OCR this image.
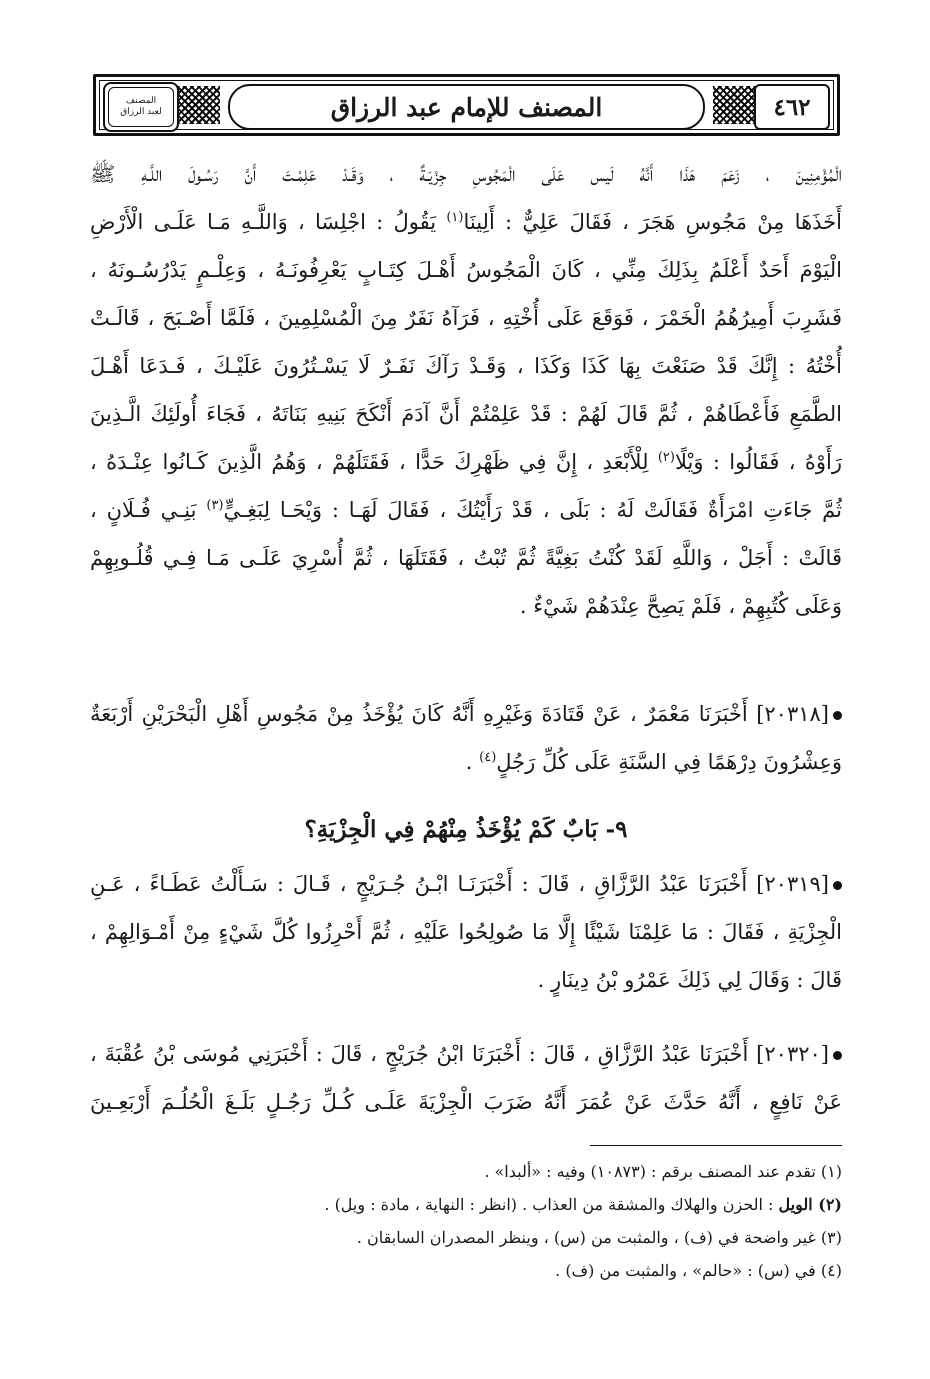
المصنف للإمام عبد الرزاق	٤٦٢
المصنف
لعبد الرزاق
الْمُؤْمِنِينَ ، زَعَمَ هَذَا أَنَّهُ لَيس عَلَى الْمَجُوسِ جِزْيَـةٌ ، وَقَـدْ عَلِمْـتَ أَنَّ رَسُـولَ اللَّـهِ ﷺ
أَخَذَهَا مِنْ مَجُوسِ هَجَرَ ، فَقَالَ عَلِيٌّ : أَلِينَا$^{(١)}$ يَقُولُ : اجْلِسَا ، وَاللَّـهِ مَـا عَلَـى الْأَرْضِ
الْيَوْمَ أَحَدٌ أَعْلَمُ بِذَلِكَ مِنِّي ، كَانَ الْمَجُوسُ أَهْـلَ كِتَـابٍ يَعْرِفُونَـهُ ، وَعِلْـمٍ يَدْرُسُـونَهُ ،
فَشَرِبَ أَمِيرُهُمُ الْخَمْرَ ، فَوَقَعَ عَلَى أُخْتِهِ ، فَرَآهُ نَفَرٌ مِنَ الْمُسْلِمِينَ ، فَلَمَّا أَصْـبَحَ ، قَالَـتْ
أُخْتُهُ : إِنَّكَ قَدْ صَنَعْتَ بِهَا كَذَا وَكَذَا ، وَقَـدْ رَآكَ نَفَـرٌ لَا يَسْـتُرُونَ عَلَيْـكَ ، فَـدَعَا أَهْـلَ
الطَّمَعِ فَأَعْطَاهُمْ ، ثُمَّ قَالَ لَهُمْ : قَدْ عَلِمْتُمْ أَنَّ آدَمَ أَنْكَحَ بَنِيهِ بَنَاتَهُ ، فَجَاءَ أُولَئِكَ الَّـذِينَ
رَأَوْهُ ، فَقَالُوا : وَيْلًا$^{(٢)}$ لِلْأَبْعَدِ ، إِنَّ فِي ظَهْرِكَ حَدًّا ، فَقَتَلَهُمْ ، وَهُمُ الَّذِينَ كَـانُوا عِنْـدَهُ ،
ثُمَّ جَاءَتِ امْرَأَةٌ فَقَالَتْ لَهُ : بَلَى ، قَدْ رَأَيْتُكَ ، فَقَالَ لَهَـا : وَيْحَـا لِبَغِـيٍّ$^{(٣)}$ بَنِـي فُـلَانٍ ،
قَالَتْ : أَجَلْ ، وَاللَّهِ لَقَدْ كُنْتُ بَغِيَّةً ثُمَّ تُبْتُ ، فَقَتَلَهَا ، ثُمَّ أُسْرِيَ عَلَـى مَـا فِـي قُلُـوبِهِمْ
وَعَلَى كُتُبِهِمْ ، فَلَمْ يَصِحَّ عِنْدَهُمْ شَيْءٌ .
[٢٠٣١٨] أَخْبَرَنَا مَعْمَرٌ ، عَنْ قَتَادَةَ وَغَيْرِهِ أَنَّهُ كَانَ يُؤْخَذُ مِنْ مَجُوسِ أَهْلِ الْبَحْرَيْنِ أَرْبَعَةٌ
وَعِشْرُونَ دِرْهَمًا فِي السَّنَةِ عَلَى كُلِّ رَجُلٍ$^{(٤)}$ .
٩- بَابٌ كَمْ يُؤْخَذُ مِنْهُمْ فِي الْجِزْيَةِ؟
[٢٠٣١٩] أَخْبَرَنَا عَبْدُ الرَّزَّاقِ ، قَالَ : أَخْبَرَنَـا ابْـنُ جُـرَيْجٍ ، قَـالَ : سَـأَلْتُ عَطَـاءً ، عَـنِ
الْجِزْيَةِ ، فَقَالَ : مَا عَلِمْنَا شَيْئًا إِلَّا مَا صُولِحُوا عَلَيْهِ ، ثُمَّ أَحْرِزُوا كُلَّ شَيْءٍ مِنْ أَمْـوَالِهِمْ ،
قَالَ : وَقَالَ لِي ذَلِكَ عَمْرُو بْنُ دِينَارٍ .
[٢٠٣٢٠] أَخْبَرَنَا عَبْدُ الرَّزَّاقِ ، قَالَ : أَخْبَرَنَا ابْنُ جُرَيْجٍ ، قَالَ : أَخْبَرَنِي مُوسَى بْنُ عُقْبَةَ ،
عَنْ نَافِعٍ ، أَنَّهُ حَدَّثَ عَنْ عُمَرَ أَنَّهُ ضَرَبَ الْجِزْيَةَ عَلَـى كُـلِّ رَجُـلٍ بَلَـغَ الْحُلُـمَ أَرْبَعِـينَ
(١) تقدم عند المصنف برقم : (١٠٨٧٣) وفيه : «ألبدا» .
(٢) الويل : الحزن والهلاك والمشقة من العذاب . (انظر : النهاية ، مادة : ويل) .
(٣) غير واضحة في (ف) ، والمثبت من (س) ، وينظر المصدران السابقان .
(٤) في (س) : «حالم» ، والمثبت من (ف) .
